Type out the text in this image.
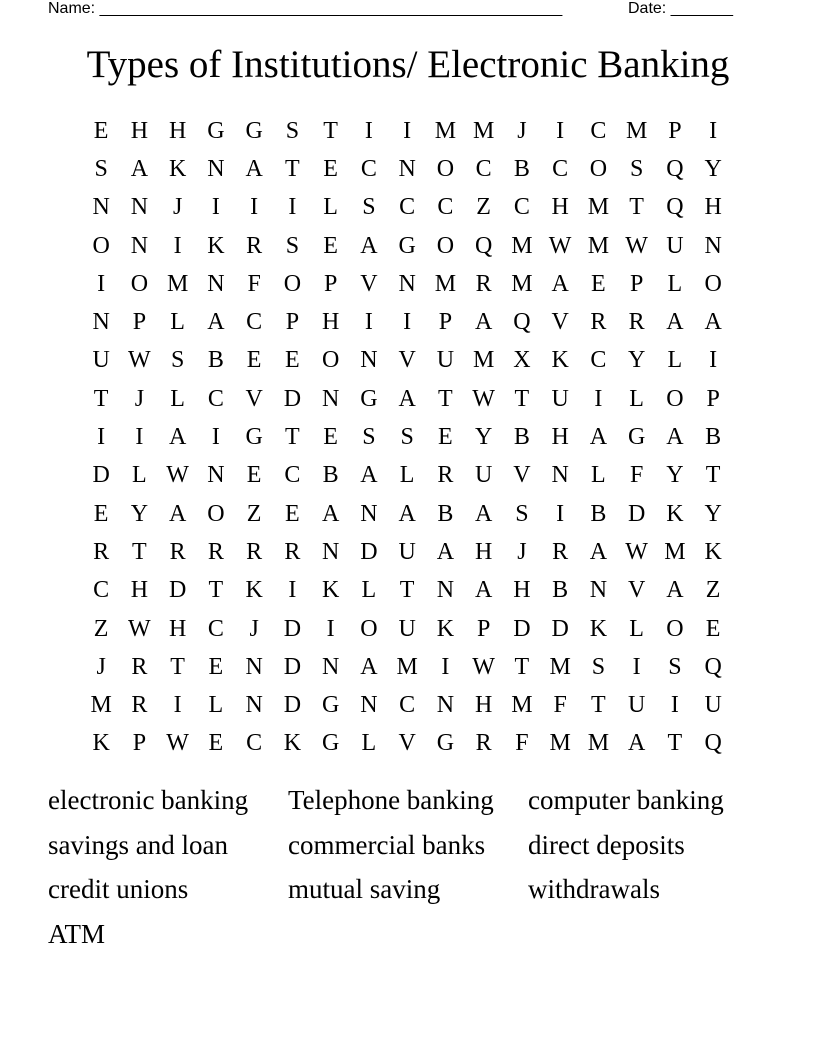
Name: ____________________________________________________	Date: _______
Types of Institutions/ Electronic Banking
E H H G G S	T	I	I M M J	I	C M P	I
S A K N A T E C N O C B C O S Q Y
N N	J	I	I	I	L	S C C Z C H M T Q H
O N	I	K R S	E A G O Q M W M W U N
I	O M N F O P V N M R M A E	P	L O
N P	L A C P H	I	I	P A Q V R R A A
U W S B E E O N V U M X K C Y L	I
T	J	L C V D N G A T W T U	I	L O P
I	I	A	I	G T E	S	S	E Y B H A G A B
D L W N E C B A L R U V N L	F Y T
E Y A O Z E A N A B A S	I	B D K Y
R T R R R R N D U A H	J	R A W M K
C H D T K	I	K L T N A H B N V A Z
Z W H C	J	D	I	O U K P D D K L O E
J	R T E N D N A M I W T M S	I	S Q
M R	I	L N D G N C N H M F	T U	I	U
K P W E C K G L V G R F M M A T Q
electronic banking	Telephone banking	computer banking
savings and loan	commercial banks	direct deposits
credit unions	mutual saving	withdrawals
ATM
